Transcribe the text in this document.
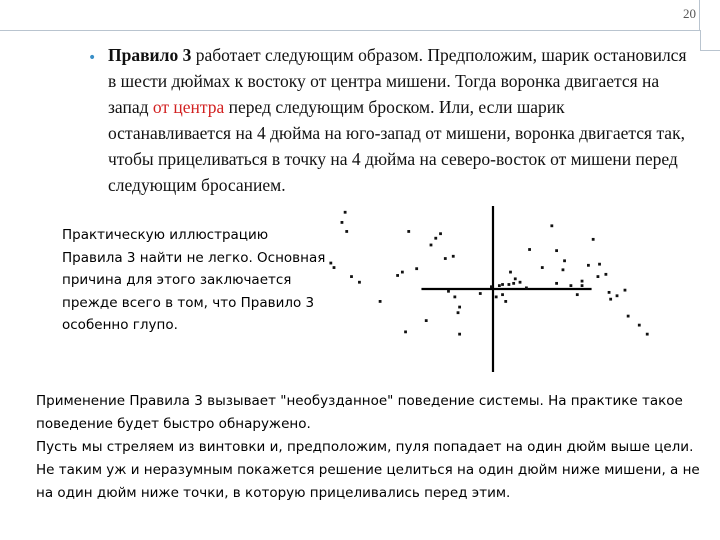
20
• Правило 3 работает следующим образом. Предположим, шарик остановился в шести дюймах к востоку от центра мишени. Тогда воронка двигается на запад от центра перед следующим броском. Или, если шарик останавливается на 4 дюйма на юго-запад от мишени, воронка двигается так, чтобы прицеливаться в точку на 4 дюйма на северо-восток от мишени перед следующим бросанием.
Практическую иллюстрацию Правила 3 найти не легко. Основная причина для этого заключается прежде всего в том, что Правило 3 особенно глупо.

Применение Правила 3 вызывает "необузданное" поведение системы. На практике такое поведение будет быстро обнаружено.

Пусть мы стреляем из винтовки и, предположим, пуля попадает на один дюйм выше цели. Не таким уж и неразумным покажется решение целиться на один дюйм ниже мишени, а не на один дюйм ниже точки, в которую прицеливались перед этим.
